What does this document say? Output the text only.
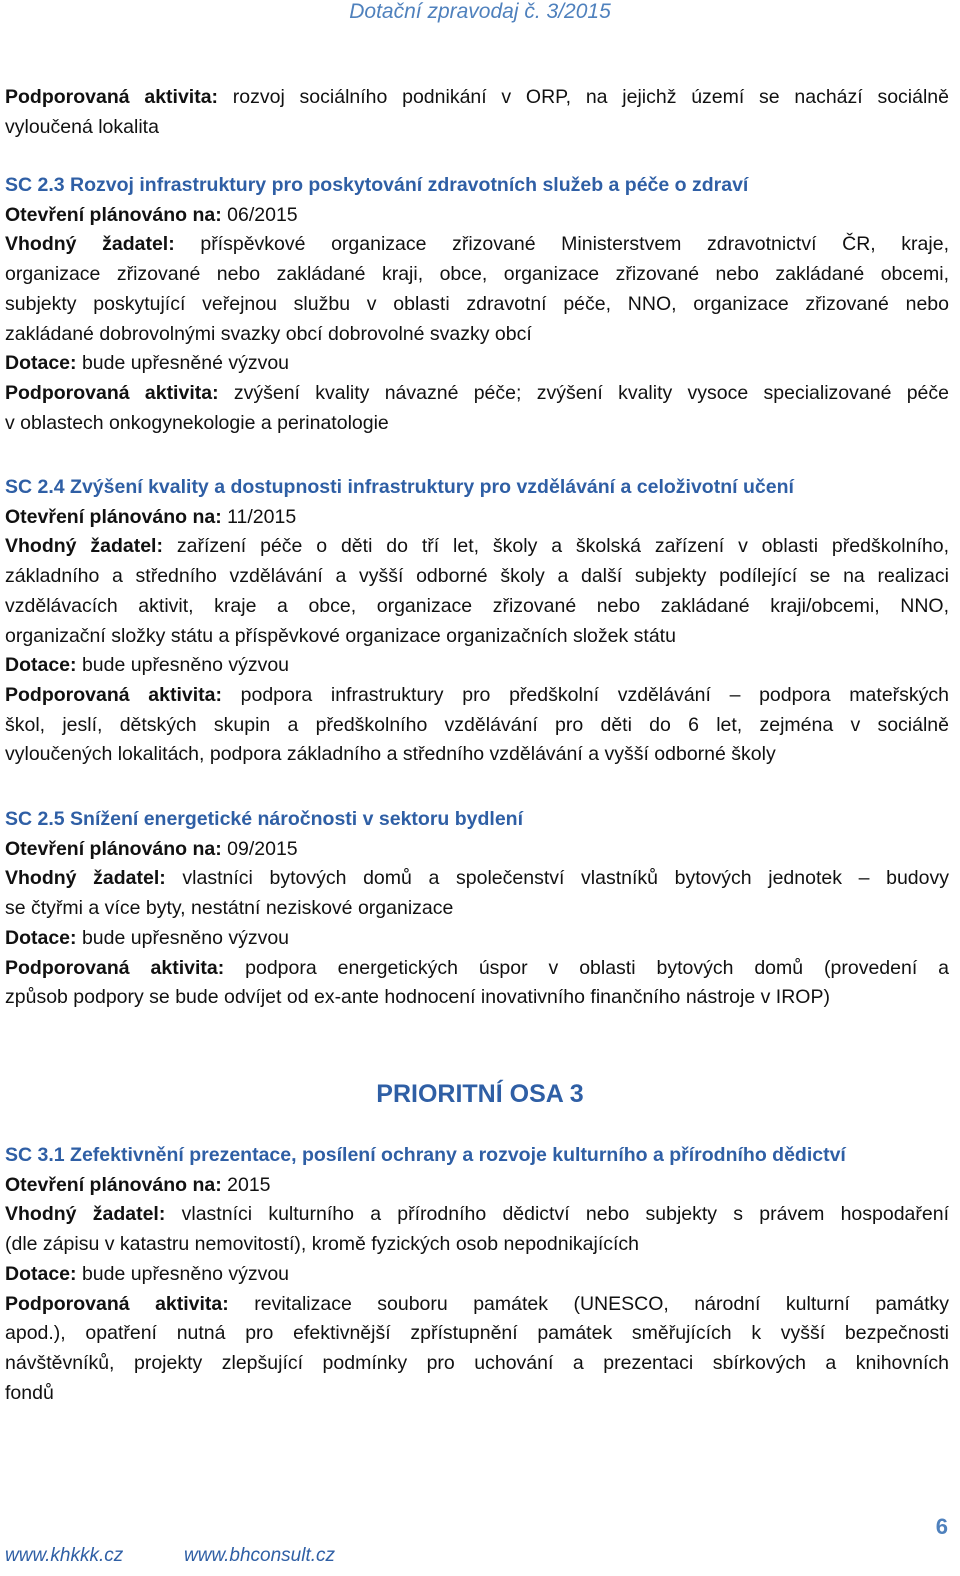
Dotační zpravodaj č. 3/2015
Podporovaná aktivita: rozvoj sociálního podnikání v ORP, na jejichž území se nachází sociálně
vyloučená lokalita
SC 2.3 Rozvoj infrastruktury pro poskytování zdravotních služeb a péče o zdraví
Otevření plánováno na: 06/2015
Vhodný žadatel: příspěvkové organizace zřizované Ministerstvem zdravotnictví ČR, kraje,
organizace zřizované nebo zakládané kraji, obce, organizace zřizované nebo zakládané obcemi,
subjekty poskytující veřejnou službu v oblasti zdravotní péče, NNO, organizace zřizované nebo
zakládané dobrovolnými svazky obcí dobrovolné svazky obcí
Dotace: bude upřesněné výzvou
Podporovaná aktivita: zvýšení kvality návazné péče; zvýšení kvality vysoce specializované péče
v oblastech onkogynekologie a perinatologie
SC 2.4 Zvýšení kvality a dostupnosti infrastruktury pro vzdělávání a celoživotní učení
Otevření plánováno na: 11/2015
Vhodný žadatel: zařízení péče o děti do tří let, školy a školská zařízení v oblasti předškolního,
základního a středního vzdělávání a vyšší odborné školy a další subjekty podílející se na realizaci
vzdělávacích aktivit, kraje a obce, organizace zřizované nebo zakládané kraji/obcemi, NNO,
organizační složky státu a příspěvkové organizace organizačních složek státu
Dotace: bude upřesněno výzvou
Podporovaná aktivita: podpora infrastruktury pro předškolní vzdělávání – podpora mateřských
škol, jeslí, dětských skupin a předškolního vzdělávání pro děti do 6 let, zejména v sociálně
vyloučených lokalitách, podpora základního a středního vzdělávání a vyšší odborné školy
SC 2.5 Snížení energetické náročnosti v sektoru bydlení
Otevření plánováno na: 09/2015
Vhodný žadatel: vlastníci bytových domů a společenství vlastníků bytových jednotek – budovy
se čtyřmi a více byty, nestátní neziskové organizace
Dotace: bude upřesněno výzvou
Podporovaná aktivita: podpora energetických úspor v oblasti bytových domů (provedení a
způsob podpory se bude odvíjet od ex-ante hodnocení inovativního finančního nástroje v IROP)
PRIORITNÍ OSA 3
SC 3.1 Zefektivnění prezentace, posílení ochrany a rozvoje kulturního a přírodního dědictví
Otevření plánováno na: 2015
Vhodný žadatel: vlastníci kulturního a přírodního dědictví nebo subjekty s právem hospodaření
(dle zápisu v katastru nemovitostí), kromě fyzických osob nepodnikajících
Dotace: bude upřesněno výzvou
Podporovaná aktivita: revitalizace souboru památek (UNESCO, národní kulturní památky
apod.), opatření nutná pro efektivnější zpřístupnění památek směřujících k vyšší bezpečnosti
návštěvníků, projekty zlepšující podmínky pro uchování a prezentaci sbírkových a knihovních
fondů
www.khkkk.cz	www.bhconsult.cz
6
